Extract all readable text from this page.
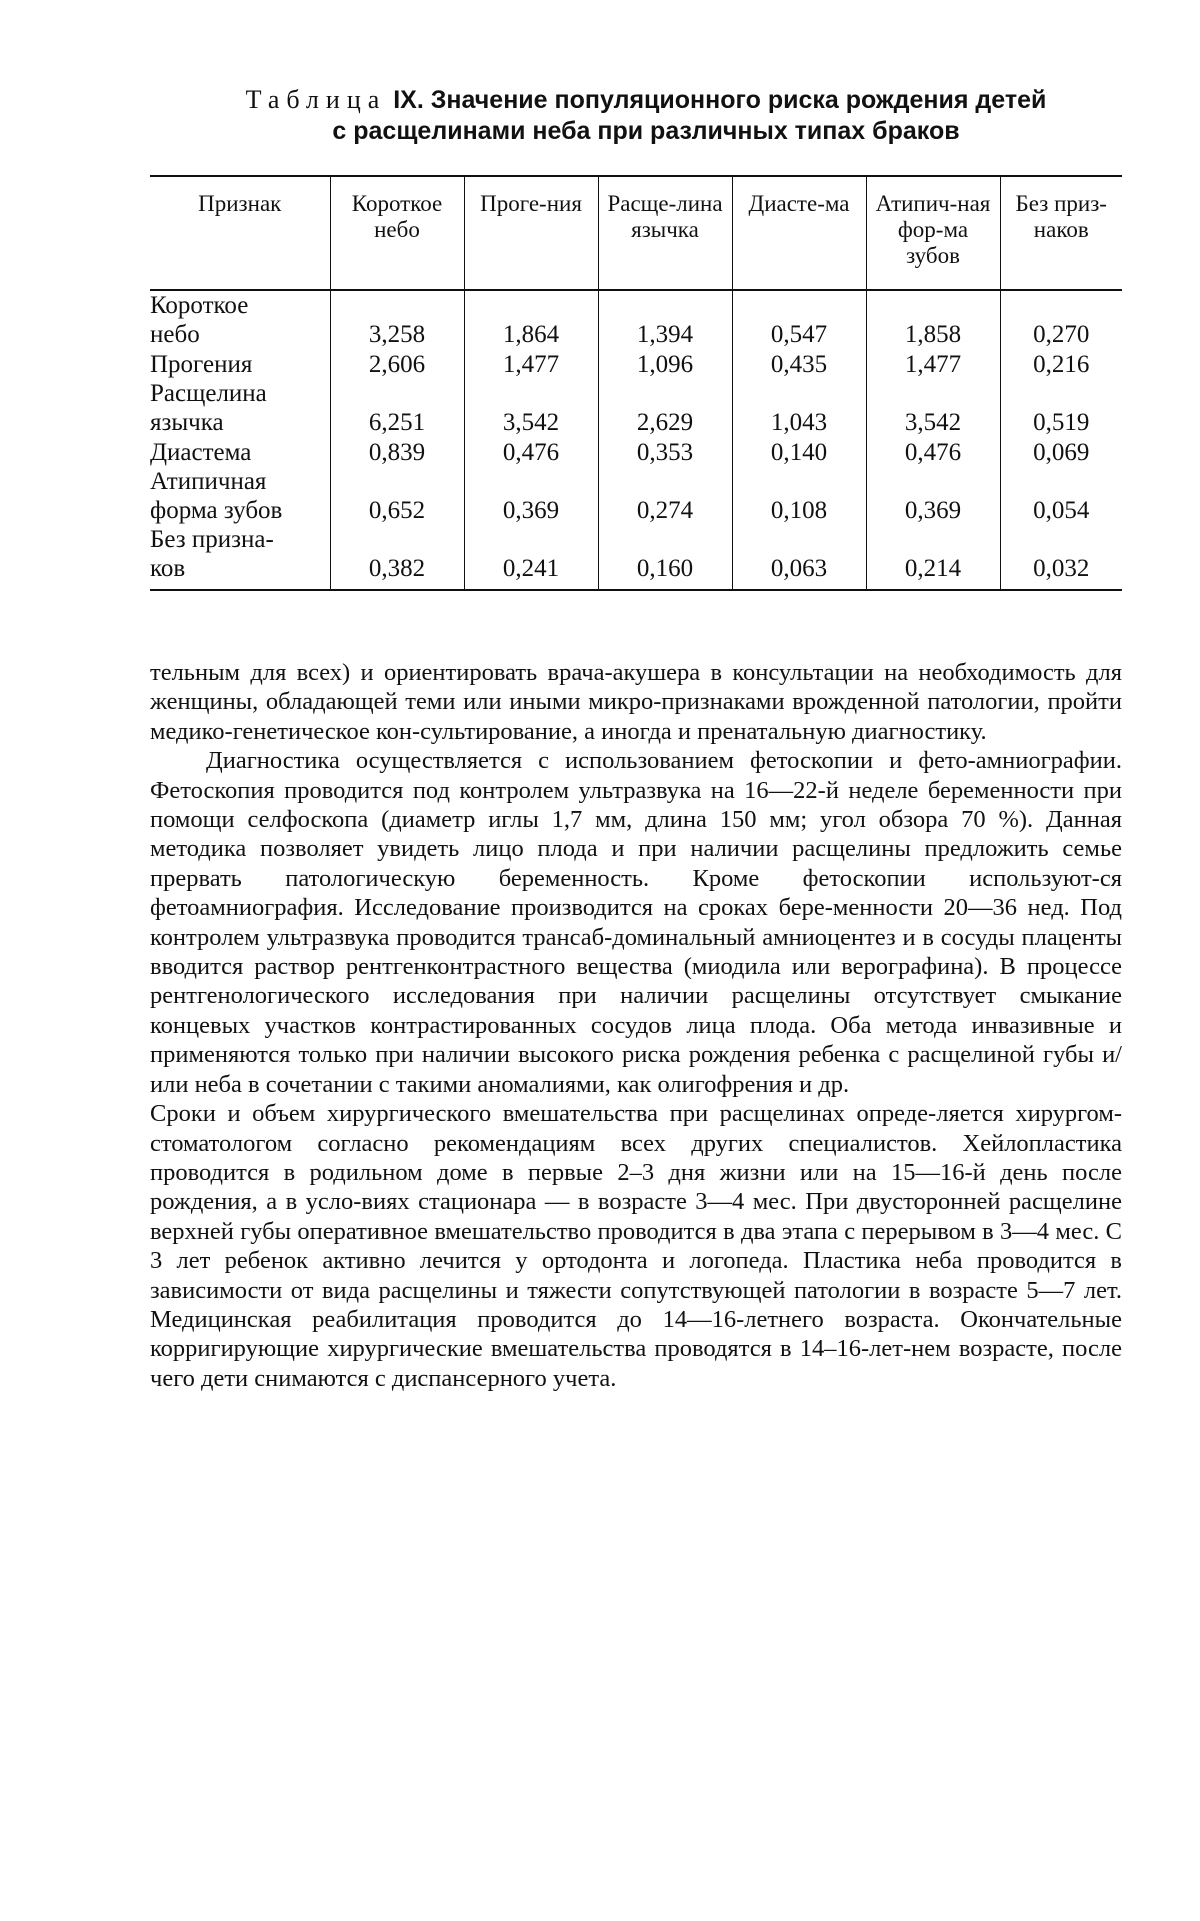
Таблица IX. Значение популяционного риска рождения детей
с расщелинами неба при различных типах браков
Признак	Короткое небо	Проге-ния	Расще-лина язычка	Диасте-ма	Атипич-ная фор-ма зубов	Без приз-наков
Короткое
небо	3,258	1,864	1,394	0,547	1,858	0,270
Прогения	2,606	1,477	1,096	0,435	1,477	0,216
Расщелина
язычка	6,251	3,542	2,629	1,043	3,542	0,519
Диастема	0,839	0,476	0,353	0,140	0,476	0,069
Атипичная
форма зубов	0,652	0,369	0,274	0,108	0,369	0,054
Без призна-
ков	0,382	0,241	0,160	0,063	0,214	0,032

тельным для всех) и ориентировать врача-акушера в консультации на необходимость для женщины, обладающей теми или иными микро-признаками врожденной патологии, пройти медико-генетическое кон-сультирование, а иногда и пренатальную диагностику.

Диагностика осуществляется с использованием фетоскопии и фето-амниографии. Фетоскопия проводится под контролем ультразвука на 16—22-й неделе беременности при помощи селфоскопа (диаметр иглы 1,7 мм, длина 150 мм; угол обзора 70 %). Данная методика позволяет увидеть лицо плода и при наличии расщелины предложить семье прервать патологическую беременность. Кроме фетоскопии используют-ся фетоамниография. Исследование производится на сроках бере-менности 20—36 нед. Под контролем ультразвука проводится трансаб-доминальный амниоцентез и в сосуды плаценты вводится раствор рентгенконтрастного вещества (миодила или верографина). В процессе рентгенологического исследования при наличии расщелины отсутствует смыкание концевых участков контрастированных сосудов лица плода. Оба метода инвазивные и применяются только при наличии высокого риска рождения ребенка с расщелиной губы и/или неба в сочетании с такими аномалиями, как олигофрения и др.

Сроки и объем хирургического вмешательства при расщелинах опреде-ляется хирургом-стоматологом согласно рекомендациям всех других специалистов. Хейлопластика проводится в родильном доме в первые 2–3 дня жизни или на 15—16-й день после рождения, а в усло-виях стационара — в возрасте 3—4 мес. При двусторонней расщелине верхней губы оперативное вмешательство проводится в два этапа с перерывом в 3—4 мес. С 3 лет ребенок активно лечится у ортодонта и логопеда. Пластика неба проводится в зависимости от вида расщелины и тяжести сопутствующей патологии в возрасте 5—7 лет. Медицинская реабилитация проводится до 14—16-летнего возраста. Окончательные корригирующие хирургические вмешательства проводятся в 14–16-лет-нем возрасте, после чего дети снимаются с диспансерного учета.
